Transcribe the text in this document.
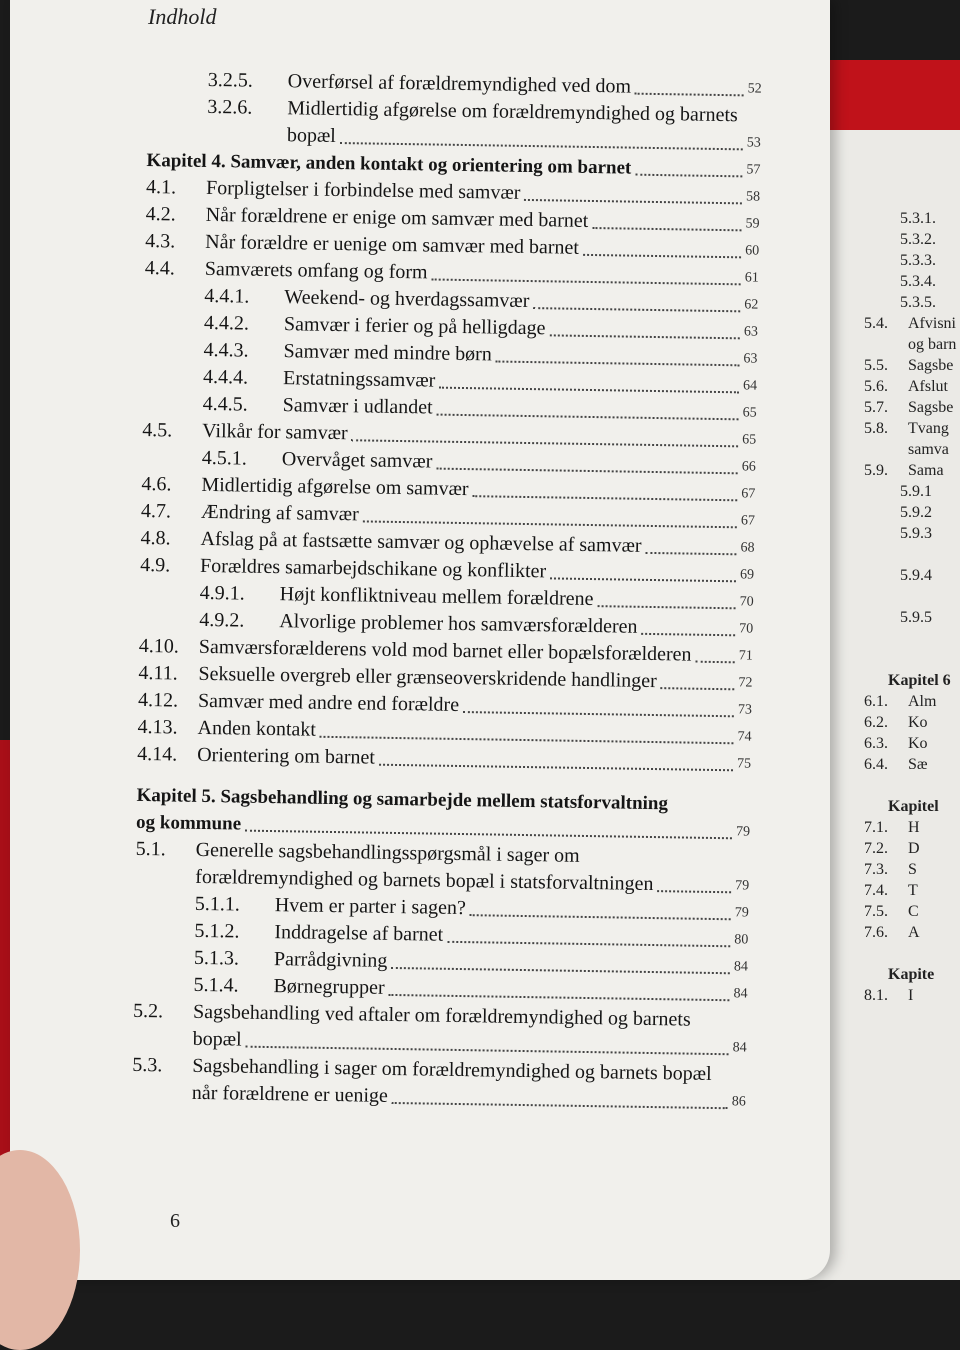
5.3.1.
5.3.2.
5.3.3.
5.3.4.
5.3.5.
5.4. Afvisni
og barn
5.5. Sagsbe
5.6. Afslut
5.7. Sagsbe
5.8. Tvang
samva
5.9. Sama
5.9.1
5.9.2
5.9.3
5.9.4
5.9.5
Kapitel 6
6.1. Alm
6.2. Ko
6.3. Ko
6.4. Sæ
Kapitel
7.1. H
7.2. D
7.3. S
7.4. T
7.5. C
7.6. A
Kapite
8.1. I
Indhold
3.2.5. Overførsel af forældremyndighed ved dom	52
3.2.6. Midlertidig afgørelse om forældremyndighed og barnets
bopæl	53
Kapitel 4. Samvær, anden kontakt og orientering om barnet	57
4.1. Forpligtelser i forbindelse med samvær	58
4.2. Når forældrene er enige om samvær med barnet	59
4.3. Når forældre er uenige om samvær med barnet	60
4.4. Samværets omfang og form	61
4.4.1. Weekend- og hverdagssamvær	62
4.4.2. Samvær i ferier og på helligdage	63
4.4.3. Samvær med mindre børn	63
4.4.4. Erstatningssamvær	64
4.4.5. Samvær i udlandet	65
4.5. Vilkår for samvær	65
4.5.1. Overvåget samvær	66
4.6. Midlertidig afgørelse om samvær	67
4.7. Ændring af samvær	67
4.8. Afslag på at fastsætte samvær og ophævelse af samvær	68
4.9. Forældres samarbejdschikane og konflikter	69
4.9.1. Højt konfliktniveau mellem forældrene	70
4.9.2. Alvorlige problemer hos samværsforælderen	70
4.10. Samværsforælderens vold mod barnet eller bopælsforælderen	71
4.11. Seksuelle overgreb eller grænseoverskridende handlinger	72
4.12. Samvær med andre end forældre	73
4.13. Anden kontakt	74
4.14. Orientering om barnet	75
Kapitel 5. Sagsbehandling og samarbejde mellem statsforvaltning
og kommune	79
5.1. Generelle sagsbehandlingsspørgsmål i sager om
forældremyndighed og barnets bopæl i statsforvaltningen	79
5.1.1. Hvem er parter i sagen?	79
5.1.2. Inddragelse af barnet	80
5.1.3. Parrådgivning	84
5.1.4. Børnegrupper	84
5.2. Sagsbehandling ved aftaler om forældremyndighed og barnets
bopæl	84
5.3. Sagsbehandling i sager om forældremyndighed og barnets bopæl
når forældrene er uenige	86
6
